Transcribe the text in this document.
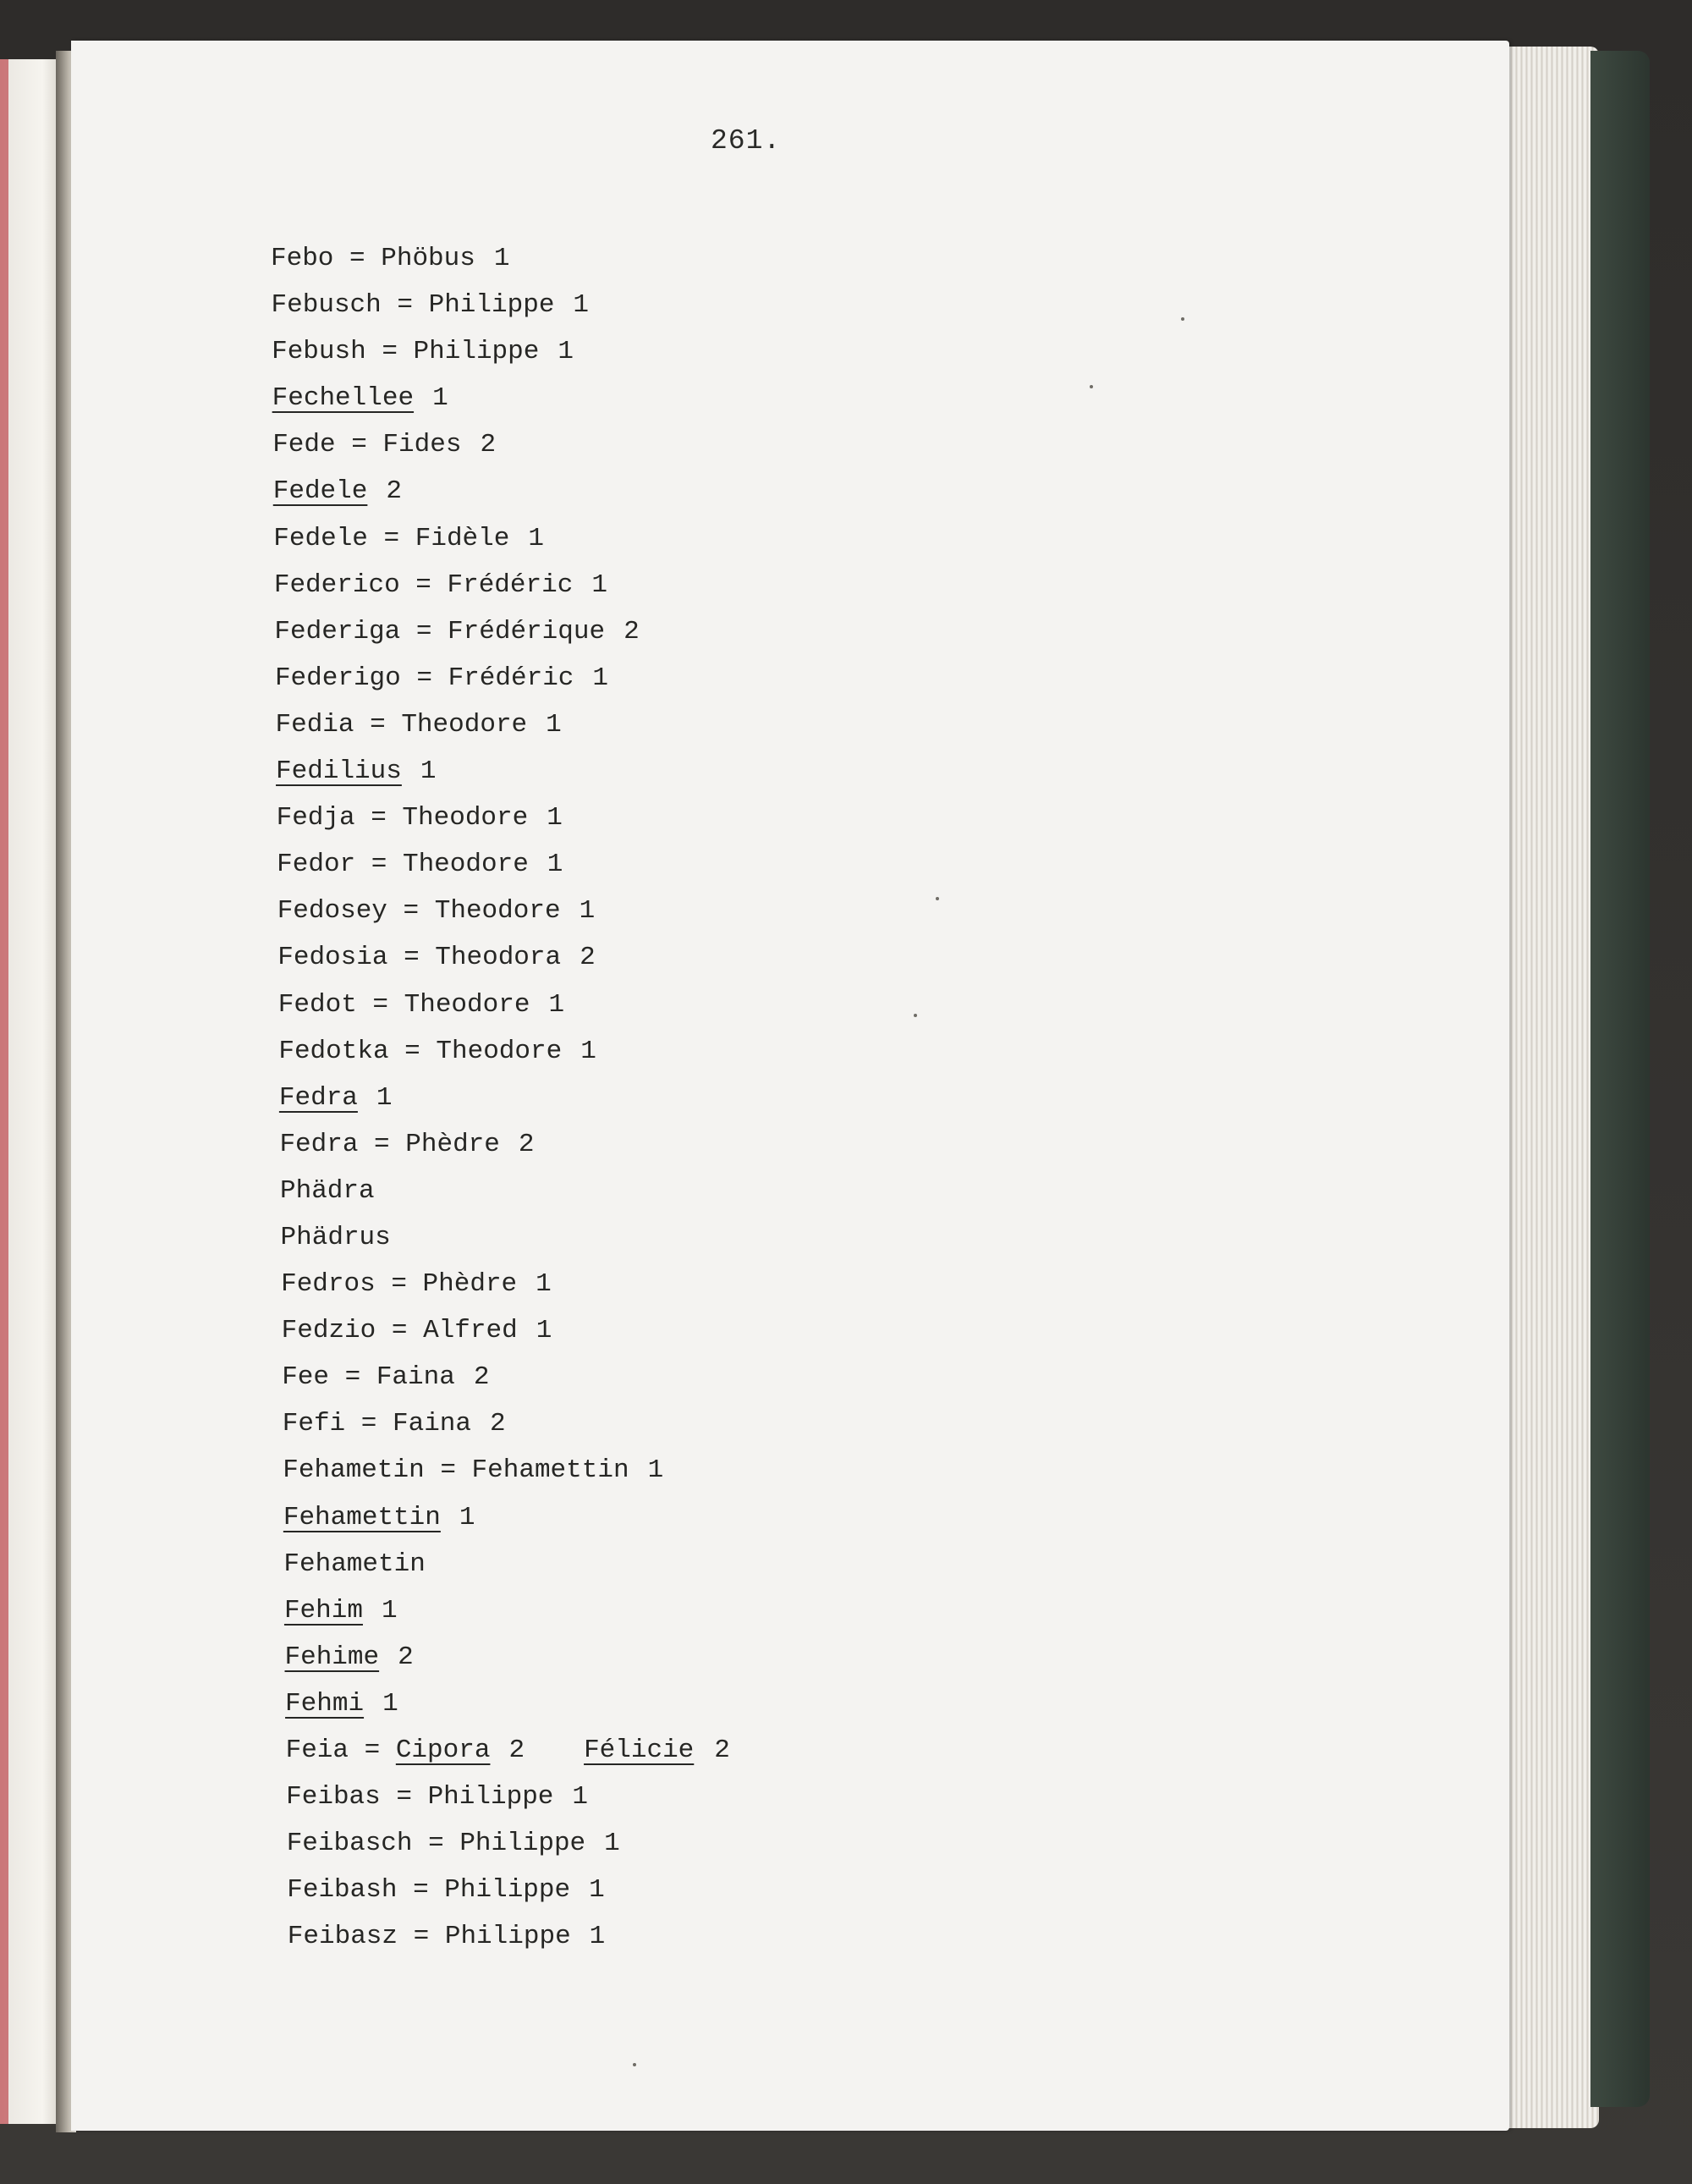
261.
Febo = Phöbus 1
Febusch = Philippe 1
Febush = Philippe 1
Fechellee 1
Fede = Fides 2
Fedele 2
Fedele = Fidèle 1
Federico = Frédéric 1
Federiga = Frédérique 2
Federigo = Frédéric 1
Fedia = Theodore 1
Fedilius 1
Fedja = Theodore 1
Fedor = Theodore 1
Fedosey = Theodore 1
Fedosia = Theodora 2
Fedot = Theodore 1
Fedotka = Theodore 1
Fedra 1
Fedra = Phèdre 2
Phädra
Phädrus
Fedros = Phèdre 1
Fedzio = Alfred 1
Fee = Faina 2
Fefi = Faina 2
Fehametin = Fehamettin 1
Fehamettin 1
Fehametin
Fehim 1
Fehime 2
Fehmi 1
Feia = Cipora 2 Félicie 2
Feibas = Philippe 1
Feibasch = Philippe 1
Feibash = Philippe 1
Feibasz = Philippe 1
